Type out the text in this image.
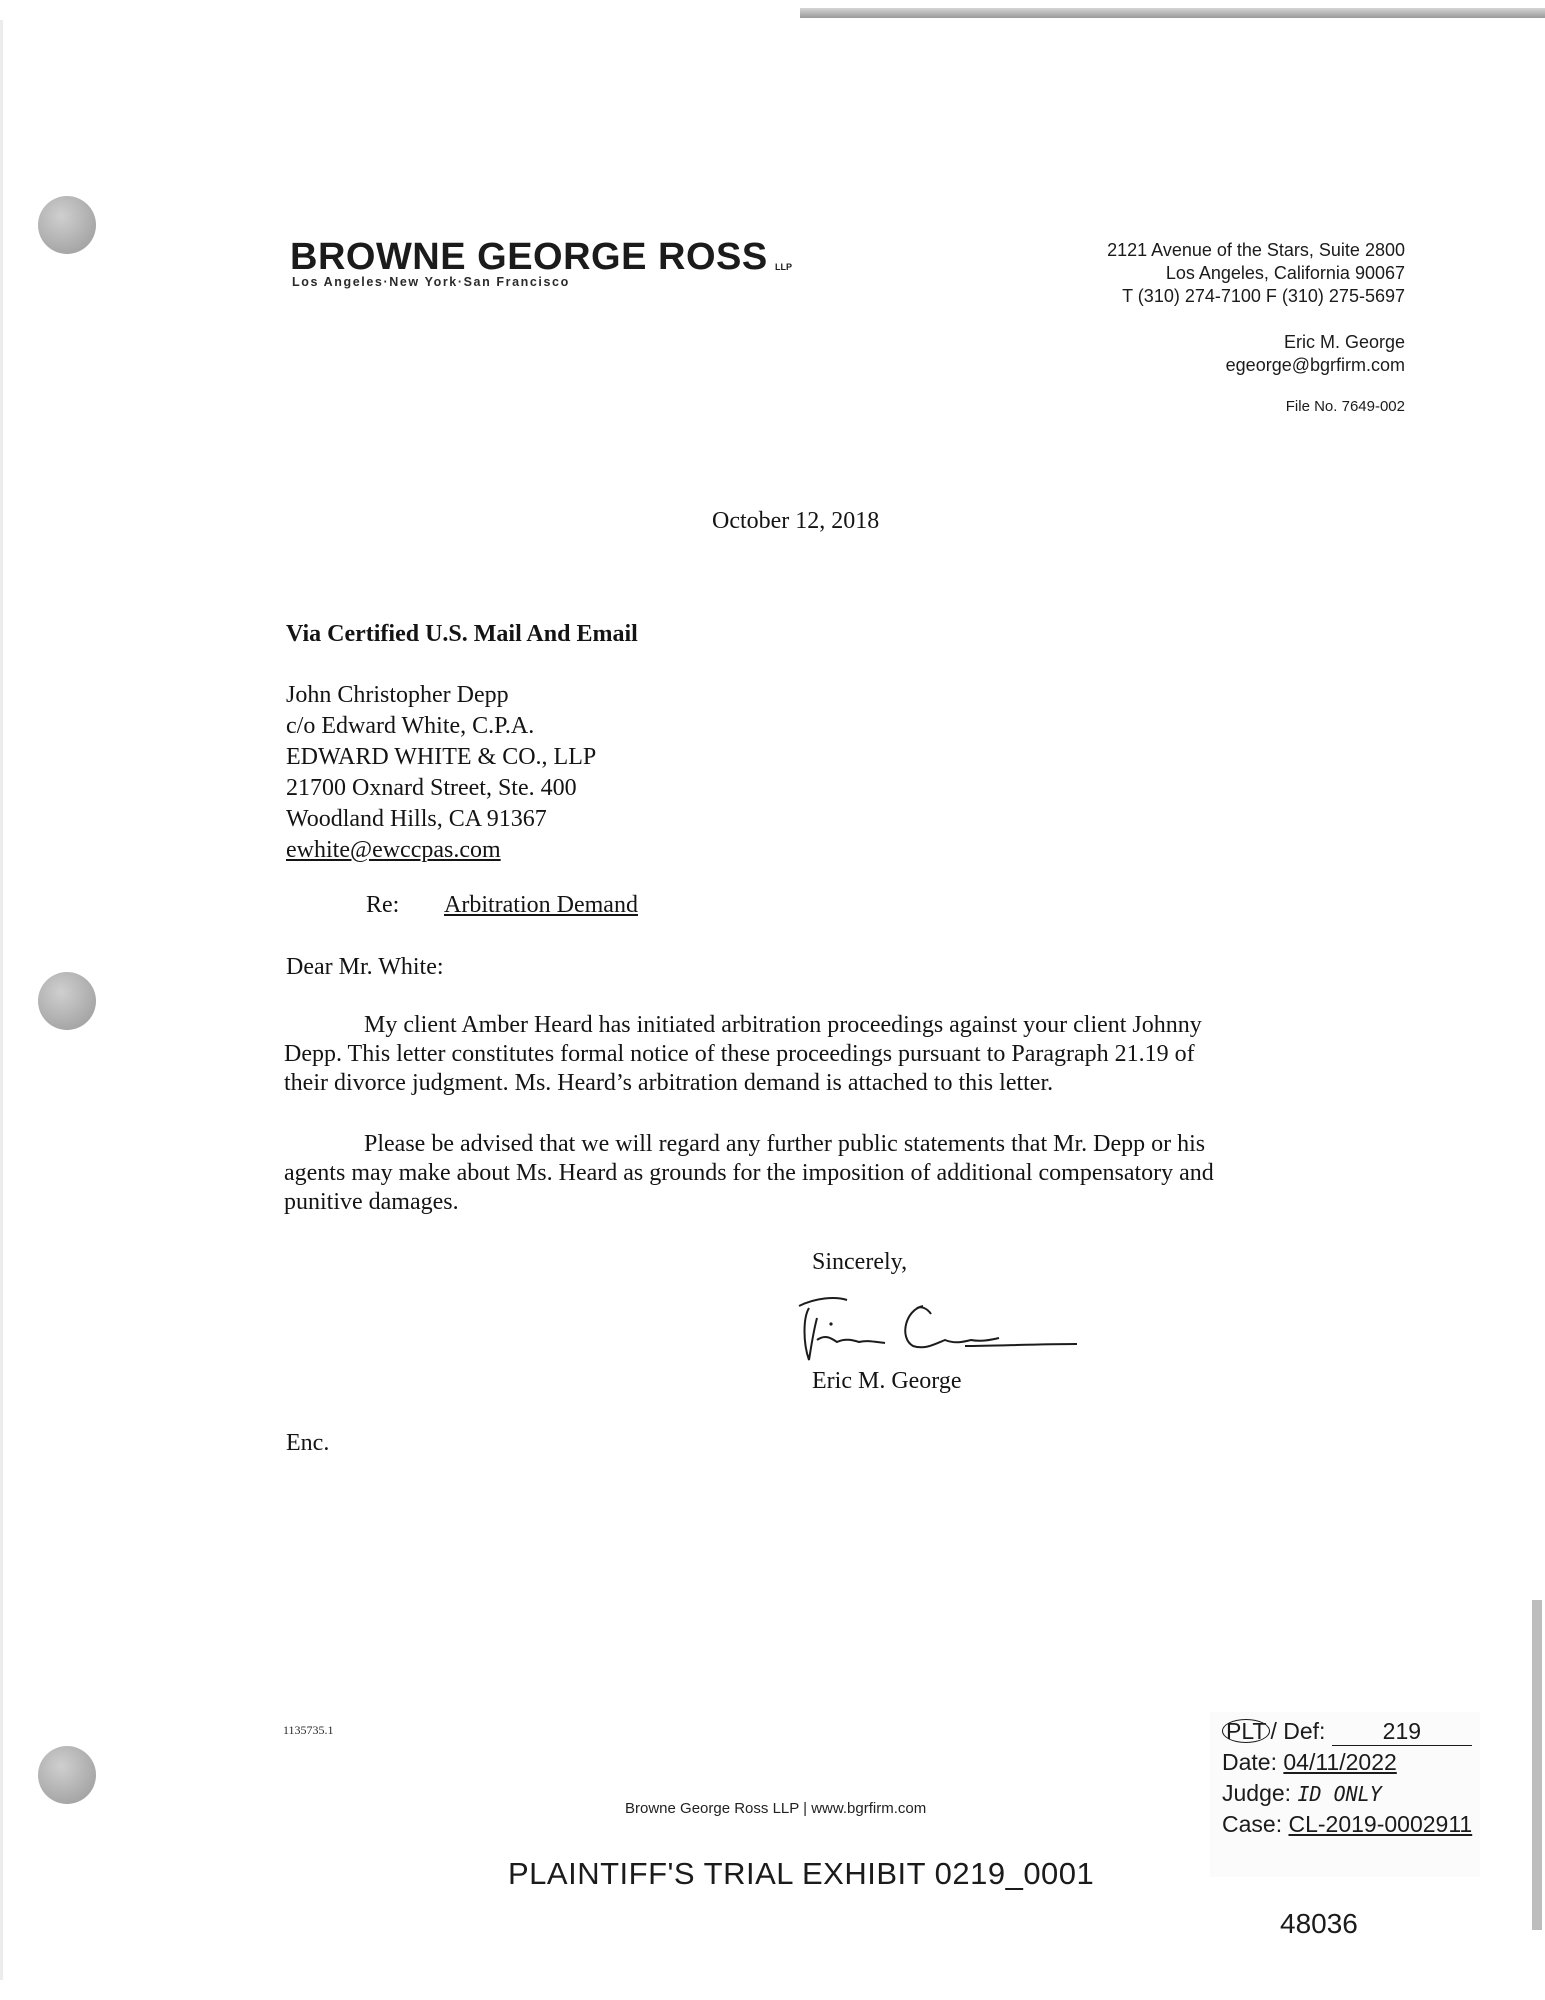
BROWNE GEORGE ROSS LLP
Los Angeles·New York·San Francisco
2121 Avenue of the Stars, Suite 2800
Los Angeles, California 90067
T (310) 274-7100 F (310) 275-5697
Eric M. George
egeorge@bgrfirm.com
File No. 7649-002
October 12, 2018
Via Certified U.S. Mail And Email
John Christopher Depp
c/o Edward White, C.P.A.
EDWARD WHITE & CO., LLP
21700 Oxnard Street, Ste. 400
Woodland Hills, CA 91367
ewhite@ewccpas.com
Re: Arbitration Demand
Dear Mr. White:
My client Amber Heard has initiated arbitration proceedings against your client Johnny
Depp. This letter constitutes formal notice of these proceedings pursuant to Paragraph 21.19 of
their divorce judgment. Ms. Heard’s arbitration demand is attached to this letter.
Please be advised that we will regard any further public statements that Mr. Depp or his
agents may make about Ms. Heard as grounds for the imposition of additional compensatory and
punitive damages.
Sincerely,
Eric M. George
Enc.
1135735.1
Browne George Ross LLP | www.bgrfirm.com
PLAINTIFF'S TRIAL EXHIBIT 0219_0001
PLT / Def: 219
Date: 04/11/2022
Judge: ID ONLY
Case: CL-2019-0002911
48036
